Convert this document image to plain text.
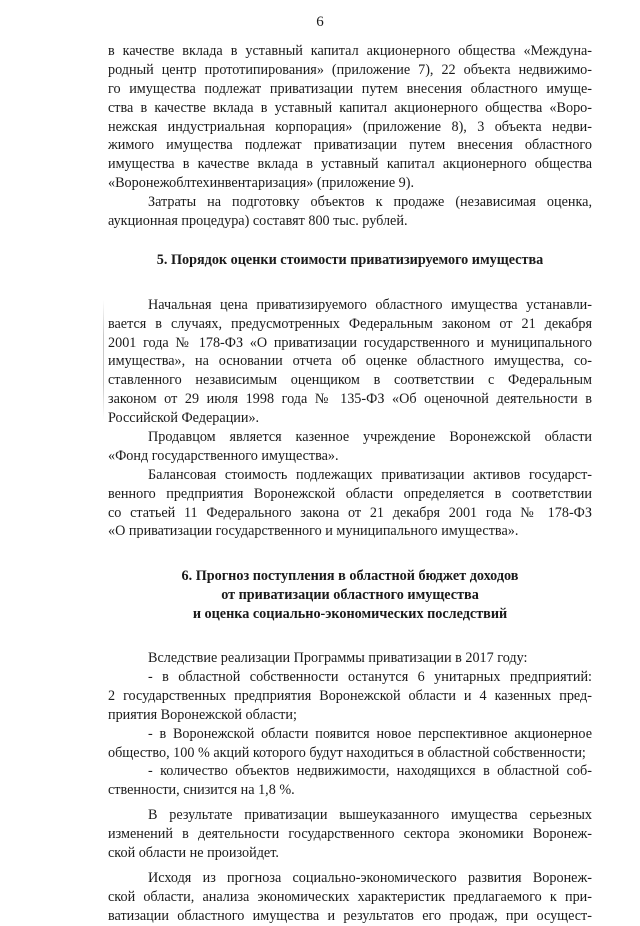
6
в качестве вклада в уставный капитал акционерного общества «Междуна-
родный центр прототипирования» (приложение 7), 22 объекта недвижимо-
го имущества подлежат приватизации путем внесения областного имуще-
ства в качестве вклада в уставный капитал акционерного общества «Воро-
нежская индустриальная корпорация» (приложение 8), 3 объекта недви-
жимого имущества подлежат приватизации путем внесения областного
имущества в качестве вклада в уставный капитал акционерного общества
«Воронежоблтехинвентаризация» (приложение 9).
Затраты на подготовку объектов к продаже (независимая оценка,
аукционная процедура) составят 800 тыс. рублей.
5. Порядок оценки стоимости приватизируемого имущества
Начальная цена приватизируемого областного имущества устанавли-
вается в случаях, предусмотренных Федеральным законом от 21 декабря
2001 года № 178-ФЗ «О приватизации государственного и муниципального
имущества», на основании отчета об оценке областного имущества, со-
ставленного независимым оценщиком в соответствии с Федеральным
законом от 29 июля 1998 года № 135-ФЗ «Об оценочной деятельности в
Российской Федерации».
Продавцом является казенное учреждение Воронежской области
«Фонд государственного имущества».
Балансовая стоимость подлежащих приватизации активов государст-
венного предприятия Воронежской области определяется в соответствии
со статьей 11 Федерального закона от 21 декабря 2001 года № 178-ФЗ
«О приватизации государственного и муниципального имущества».
6. Прогноз поступления в областной бюджет доходов
от приватизации областного имущества
и оценка социально-экономических последствий
Вследствие реализации Программы приватизации в 2017 году:
- в областной собственности останутся 6 унитарных предприятий:
2 государственных предприятия Воронежской области и 4 казенных пред-
приятия Воронежской области;
- в Воронежской области появится новое перспективное акционерное
общество, 100 % акций которого будут находиться в областной собственности;
- количество объектов недвижимости, находящихся в областной соб-
ственности, снизится на 1,8 %.
В результате приватизации вышеуказанного имущества серьезных
изменений в деятельности государственного сектора экономики Воронеж-
ской области не произойдет.
Исходя из прогноза социально-экономического развития Воронеж-
ской области, анализа экономических характеристик предлагаемого к при-
ватизации областного имущества и результатов его продаж, при осущест-
